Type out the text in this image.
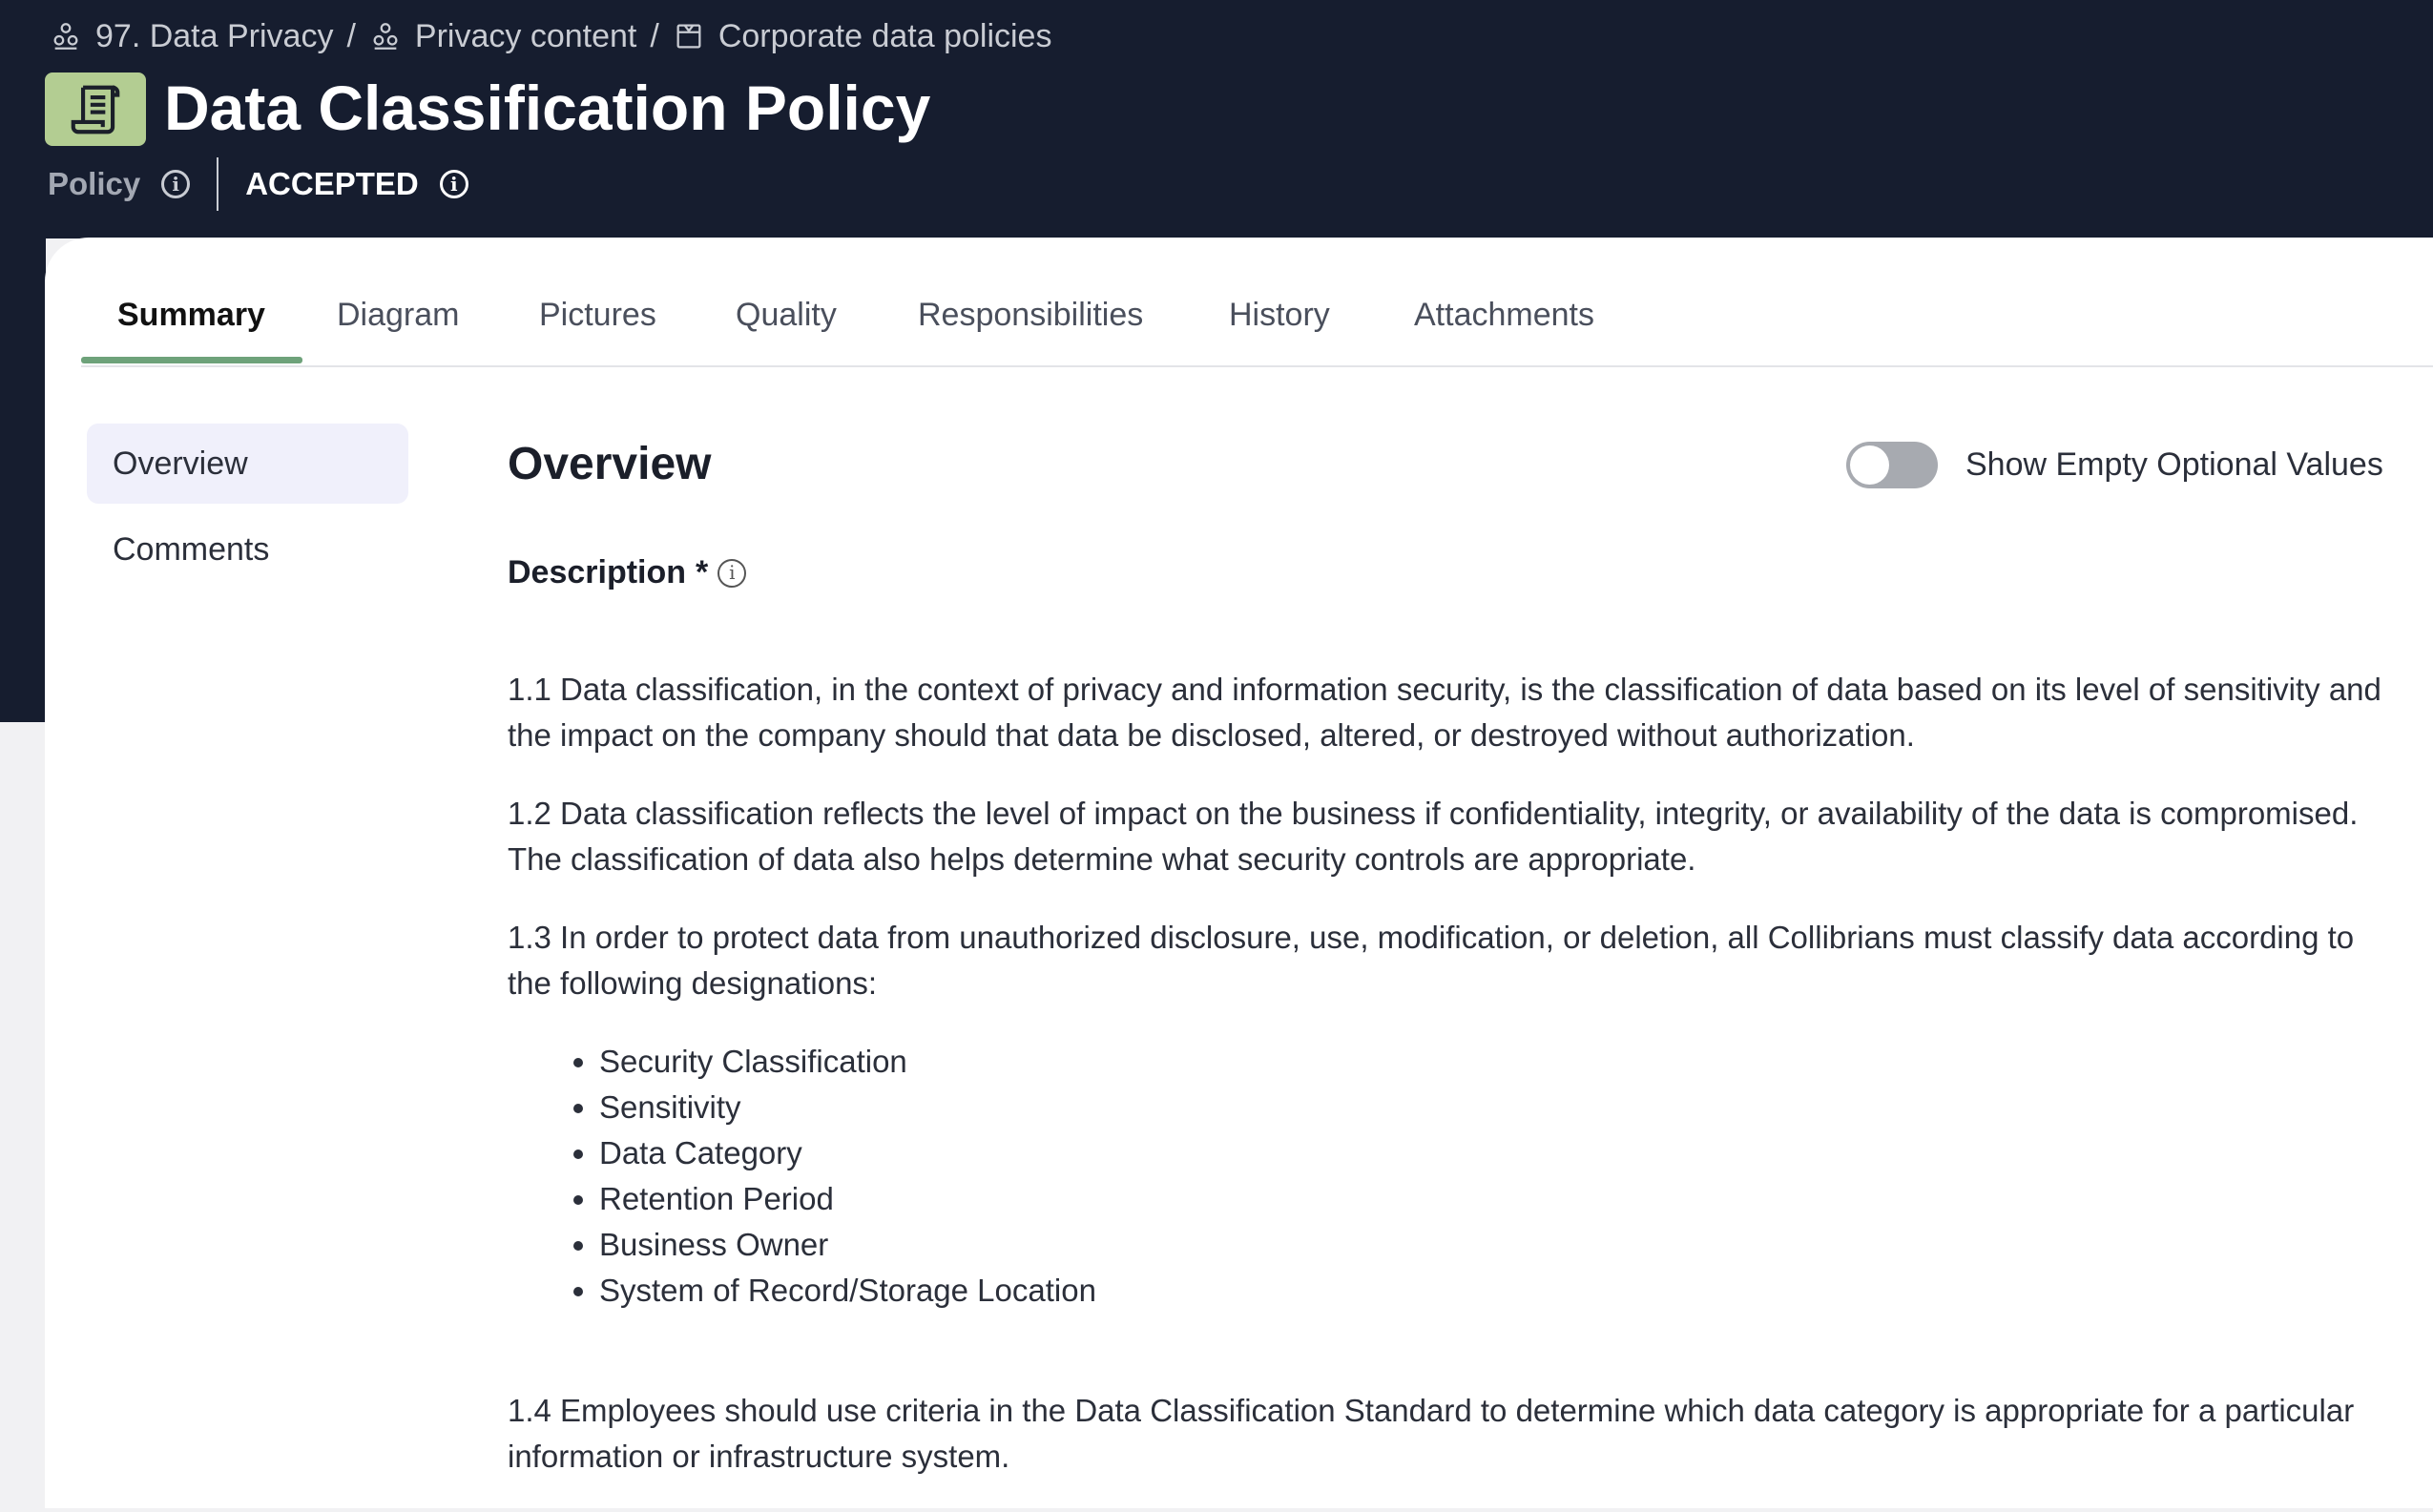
97. Data Privacy / Privacy content / Corporate data policies
Data Classification Policy
Policy	i	ACCEPTED	i
Summary Diagram Pictures Quality	Responsibilities	History	Attachments
Overview
Comments
Overview	Show Empty Optional Values
Description *	i

1.1 Data classification, in the context of privacy and information security, is the classification of data based on its level of sensitivity and the impact on the company should that data be disclosed, altered, or destroyed without authorization.

1.2 Data classification reflects the level of impact on the business if confidentiality, integrity, or availability of the data is compromised. The classification of data also helps determine what security controls are appropriate.

1.3 In order to protect data from unauthorized disclosure, use, modification, or deletion, all Collibrians must classify data according to the following designations:

• Security Classification
• Sensitivity
• Data Category
• Retention Period
• Business Owner
• System of Record/Storage Location

1.4 Employees should use criteria in the Data Classification Standard to determine which data category is appropriate for a particular information or infrastructure system.
